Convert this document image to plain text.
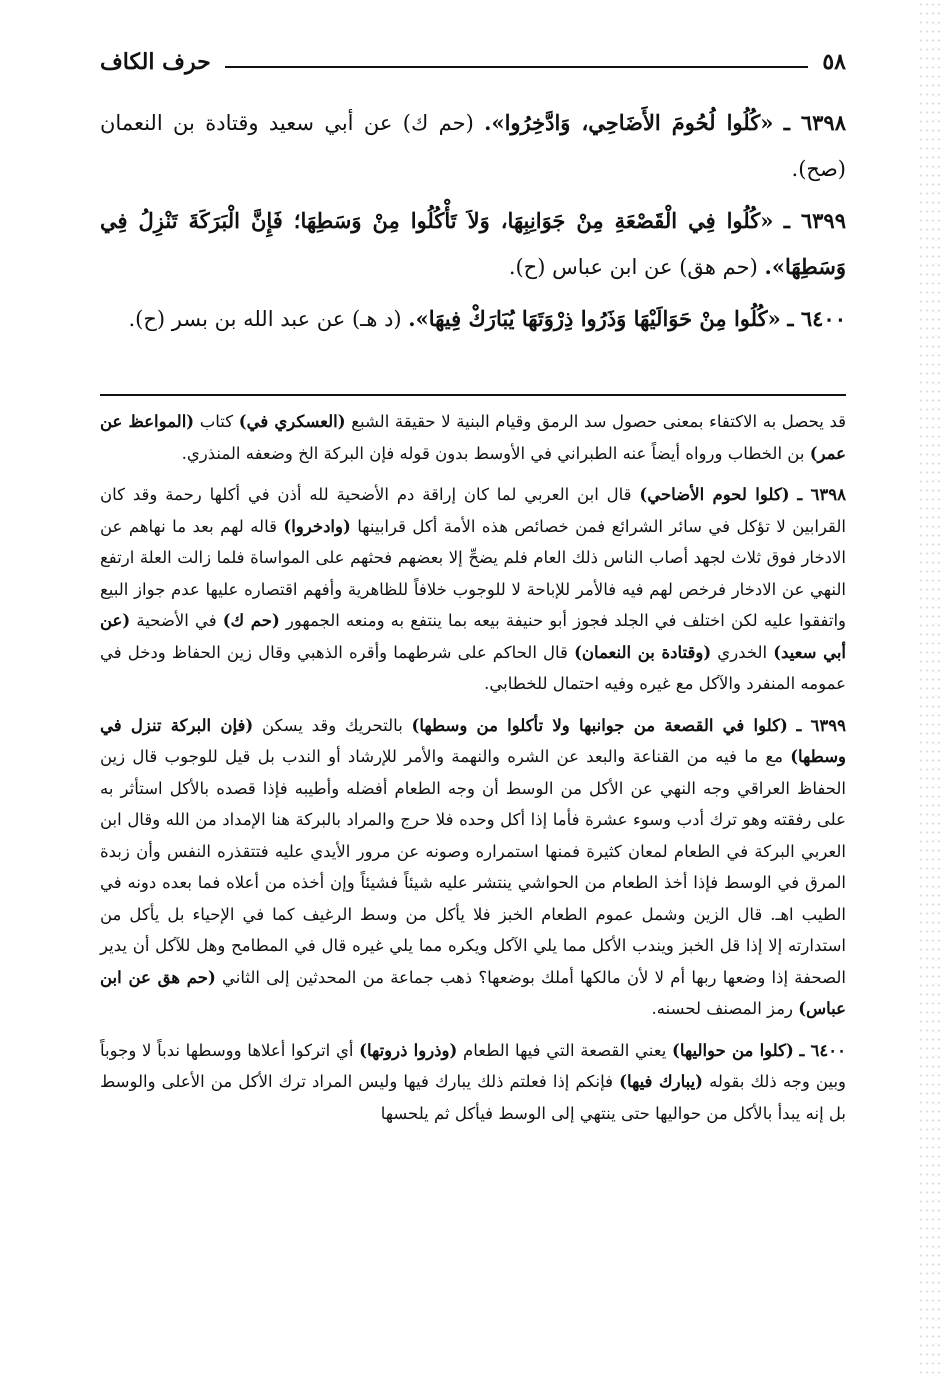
٥٨
حرف الكاف

٦٣٩٨ ـ «كُلُوا لُحُومَ الأَضَاحِي، وَادَّخِرُوا». (حم ك) عن أبي سعيد وقتادة بن النعمان (صح).

٦٣٩٩ ـ «كُلُوا فِي الْقَصْعَةِ مِنْ جَوَانِبِهَا، وَلاَ تَأْكُلُوا مِنْ وَسَطِهَا؛ فَإِنَّ الْبَرَكَةَ تَنْزِلُ فِي وَسَطِهَا». (حم هق) عن ابن عباس (ح).

٦٤٠٠ ـ «كُلُوا مِنْ حَوَالَيْهَا وَذَرُوا ذِرْوَتَهَا يُبَارَكْ فِيهَا». (د هـ) عن عبد الله بن بسر (ح).

قد يحصل به الاكتفاء بمعنى حصول سد الرمق وقيام البنية لا حقيقة الشبع (العسكري في) كتاب (المواعظ عن عمر) بن الخطاب ورواه أيضاً عنه الطبراني في الأوسط بدون قوله فإن البركة الخ وضعفه المنذري.

٦٣٩٨ ـ (كلوا لحوم الأضاحي) قال ابن العربي لما كان إراقة دم الأضحية لله أذن في أكلها رحمة وقد كان القرابين لا تؤكل في سائر الشرائع فمن خصائص هذه الأمة أكل قرابينها (وادخروا) قاله لهم بعد ما نهاهم عن الادخار فوق ثلاث لجهد أصاب الناس ذلك العام فلم يضحِّ إلا بعضهم فحثهم على المواساة فلما زالت العلة ارتفع النهي عن الادخار فرخص لهم فيه فالأمر للإباحة لا للوجوب خلافاً للظاهرية وأفهم اقتصاره عليها عدم جواز البيع واتفقوا عليه لكن اختلف في الجلد فجوز أبو حنيفة بيعه بما ينتفع به ومنعه الجمهور (حم ك) في الأضحية (عن أبي سعيد) الخدري (وقتادة بن النعمان) قال الحاكم على شرطهما وأقره الذهبي وقال زين الحفاظ ودخل في عمومه المنفرد والآكل مع غيره وفيه احتمال للخطابي.

٦٣٩٩ ـ (كلوا في القصعة من جوانبها ولا تأكلوا من وسطها) بالتحريك وقد يسكن (فإن البركة تنزل في وسطها) مع ما فيه من القناعة والبعد عن الشره والنهمة والأمر للإرشاد أو الندب بل قيل للوجوب قال زين الحفاظ العراقي وجه النهي عن الأكل من الوسط أن وجه الطعام أفضله وأطيبه فإذا قصده بالأكل استأثر به على رفقته وهو ترك أدب وسوء عشرة فأما إذا أكل وحده فلا حرج والمراد بالبركة هنا الإمداد من الله وقال ابن العربي البركة في الطعام لمعان كثيرة فمنها استمراره وصونه عن مرور الأيدي عليه فتتقذره النفس وأن زبدة المرق في الوسط فإذا أخذ الطعام من الحواشي ينتشر عليه شيئاً فشيئاً وإن أخذه من أعلاه فما بعده دونه في الطيب اهـ. قال الزين وشمل عموم الطعام الخبز فلا يأكل من وسط الرغيف كما في الإحياء بل يأكل من استدارته إلا إذا قل الخبز ويندب الأكل مما يلي الآكل ويكره مما يلي غيره قال في المطامح وهل للآكل أن يدير الصحفة إذا وضعها ربها أم لا لأن مالكها أملك بوضعها؟ ذهب جماعة من المحدثين إلى الثاني (حم هق عن ابن عباس) رمز المصنف لحسنه.

٦٤٠٠ ـ (كلوا من حواليها) يعني القصعة التي فيها الطعام (وذروا ذروتها) أي اتركوا أعلاها ووسطها ندباً لا وجوباً وبين وجه ذلك بقوله (يبارك فيها) فإنكم إذا فعلتم ذلك يبارك فيها وليس المراد ترك الأكل من الأعلى والوسط بل إنه يبدأ بالأكل من حواليها حتى ينتهي إلى الوسط فيأكل ثم يلحسها
